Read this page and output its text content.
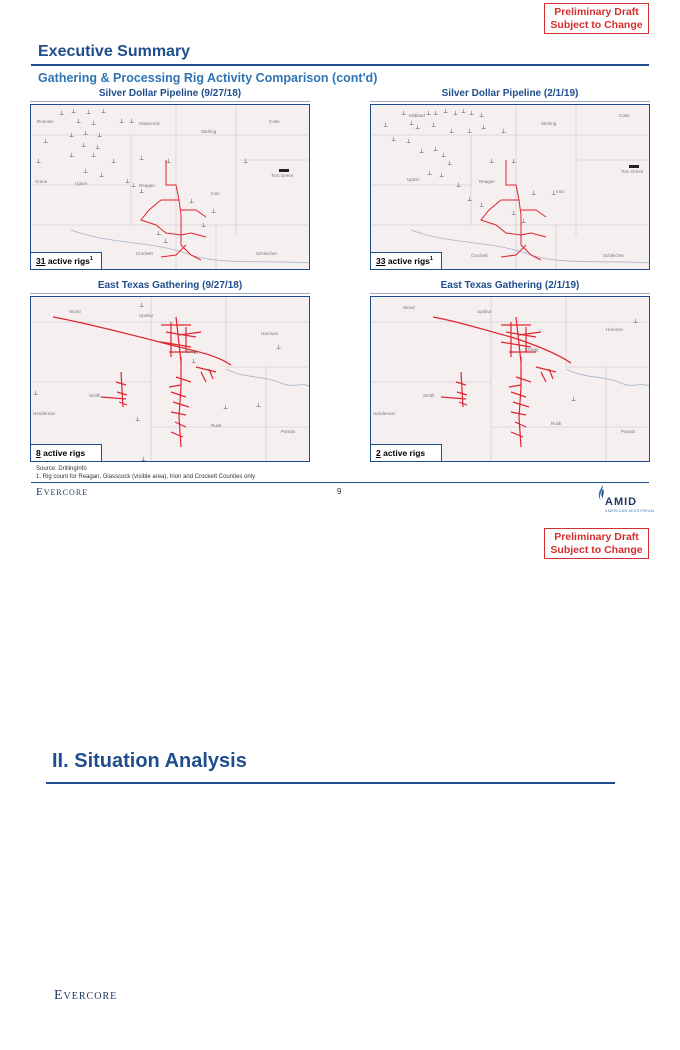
Preliminary Draft
Subject to Change
Executive Summary
Gathering & Processing Rig Activity Comparison (cont'd)
Silver Dollar Pipeline (9/27/18)	Silver Dollar Pipeline (2/1/19)
⊥ ⊥ ⊥ ⊥
⊥ ⊥	⊥ ⊥
⊥
⊥ ⊥ ⊥
⊥ ⊥
⊥	⊥
⊥	⊥
⊥
⊥
⊥
⊥
⊥
⊥
⊥
⊥
⊥
⊥
⊥
⊥
⊥
Runnels
Sterling
Coke
Upton	Reagan
Irion
Crockett	Schleicher
Glasscock
Tom Green
Crane
31 active rigs$^1$
⊥	⊥ ⊥ ⊥ ⊥ ⊥ ⊥ ⊥
⊥	⊥
⊥ ⊥
⊥ ⊥
⊥
⊥
⊥ ⊥
⊥ ⊥
⊥
⊥
⊥ ⊥
⊥
⊥
⊥
⊥	⊥
⊥ ⊥
⊥
⊥
Sterling
Coke
Upton	Reagan
Irion
Crockett	Schleicher
Midland
Tom Green
33 active rigs$^1$
East Texas Gathering (9/27/18)	East Texas Gathering (2/1/19)
⊥
⊥
⊥
⊥
⊥	⊥
⊥
⊥
Wood
Upshur
Harrison
Gregg
Rusk
Panola
Smith
Henderson
8 active rigs
⊥
⊥
Wood
Upshur
Harrison
Gregg
Rusk
Panola
Smith
Henderson
2 active rigs
Source: DrillingInfo
1. Rig count for Reagan, Glasscock (visible area), Irion and Crockett Counties only
Evercore	9
AMID
AMERICAN MIDSTREAM
Preliminary Draft
Subject to Change
II. Situation Analysis
Evercore
